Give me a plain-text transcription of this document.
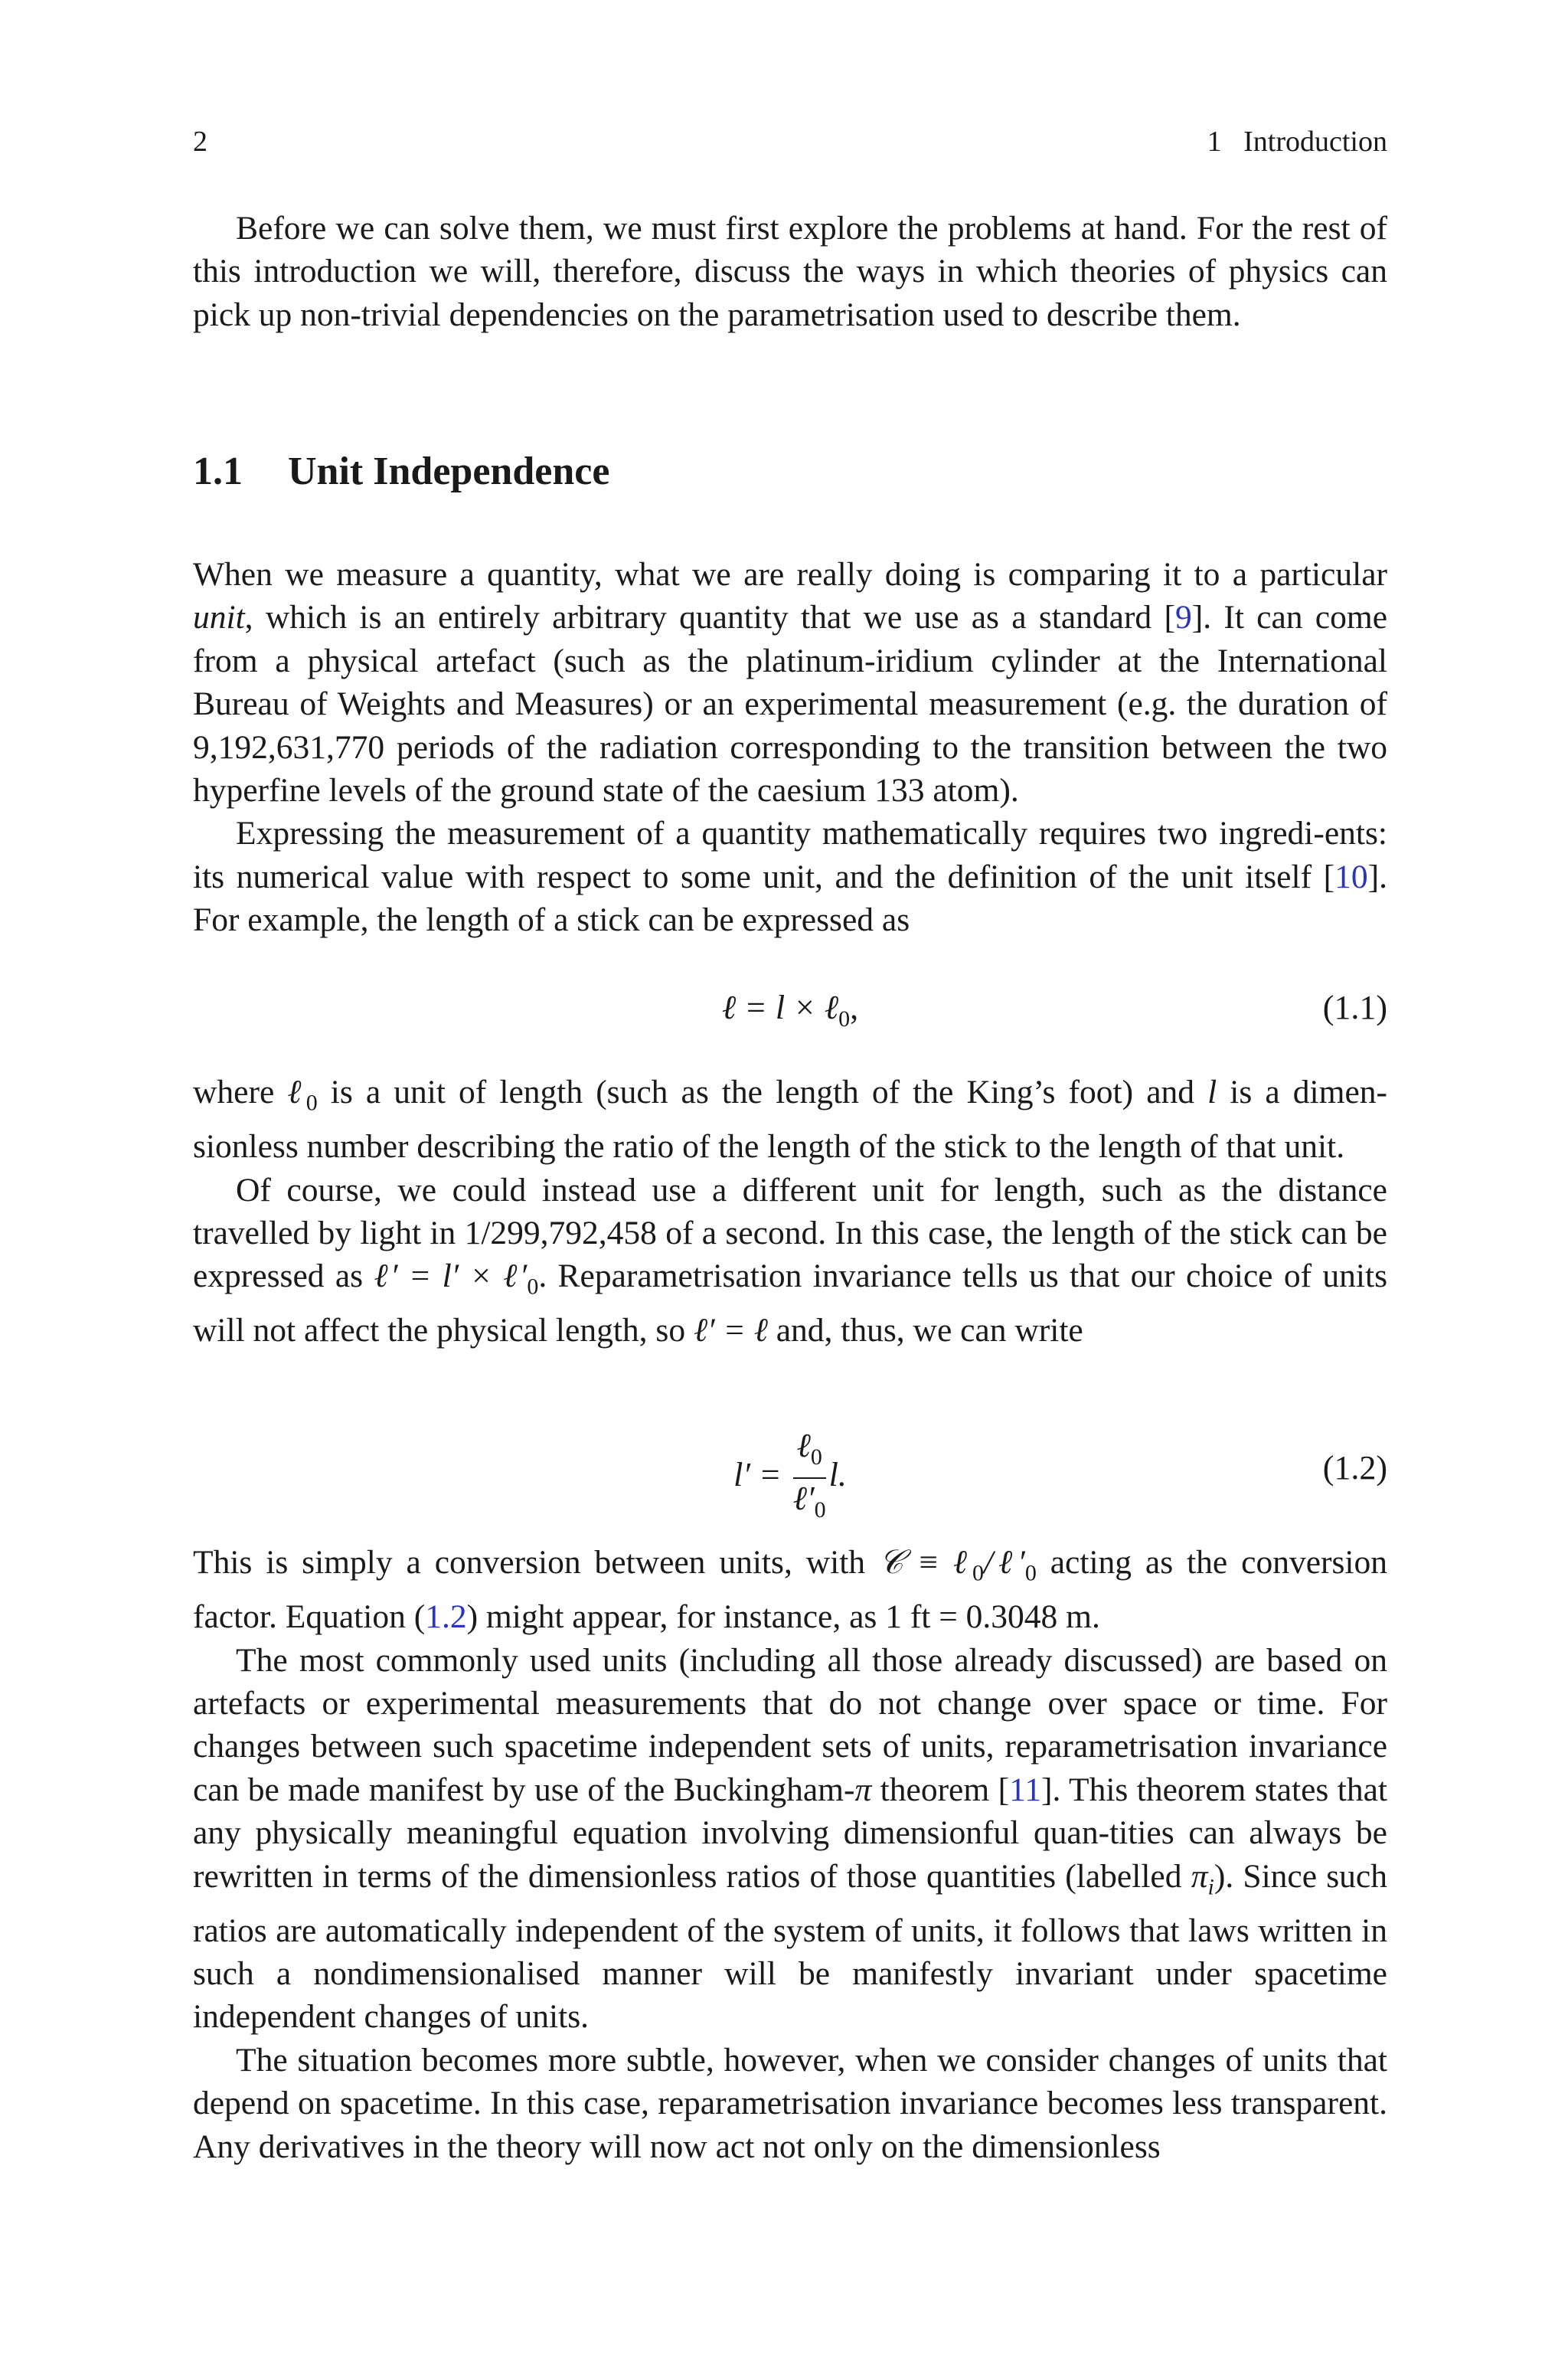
2	1   Introduction

Before we can solve them, we must first explore the problems at hand. For the rest of this introduction we will, therefore, discuss the ways in which theories of physics can pick up non-trivial dependencies on the parametrisation used to describe them.

1.1 Unit Independence

When we measure a quantity, what we are really doing is comparing it to a particular unit, which is an entirely arbitrary quantity that we use as a standard [9]. It can come from a physical artefact (such as the platinum-iridium cylinder at the International Bureau of Weights and Measures) or an experimental measurement (e.g. the duration of 9,192,631,770 periods of the radiation corresponding to the transition between the two hyperfine levels of the ground state of the caesium 133 atom).

Expressing the measurement of a quantity mathematically requires two ingredi-ents: its numerical value with respect to some unit, and the definition of the unit itself [10]. For example, the length of a stick can be expressed as

ℓ = l × ℓ$_0$,	(1.1)

where ℓ$_0$ is a unit of length (such as the length of the King’s foot) and l is a dimen-sionless number describing the ratio of the length of the stick to the length of that unit.

Of course, we could instead use a different unit for length, such as the distance travelled by light in 1/299,792,458 of a second. In this case, the length of the stick can be expressed as ℓ′ = $l' \times \ell'_0$. Reparametrisation invariance tells us that our choice of units will not affect the physical length, so ℓ′ = ℓ and, thus, we can write

$l' = \frac{\ell_0}{\ell'_0} l$.	(1.2)

This is simply a conversion between units, with 𝒞 ≡ $\ell_0/\ell'_0$ acting as the conversion factor. Equation (1.2) might appear, for instance, as 1 ft = 0.3048 m.

The most commonly used units (including all those already discussed) are based on artefacts or experimental measurements that do not change over space or time. For changes between such spacetime independent sets of units, reparametrisation invariance can be made manifest by use of the Buckingham-π theorem [11]. This theorem states that any physically meaningful equation involving dimensionful quan-tities can always be rewritten in terms of the dimensionless ratios of those quantities (labelled $\pi_i$). Since such ratios are automatically independent of the system of units, it follows that laws written in such a nondimensionalised manner will be manifestly invariant under spacetime independent changes of units.

The situation becomes more subtle, however, when we consider changes of units that depend on spacetime. In this case, reparametrisation invariance becomes less transparent. Any derivatives in the theory will now act not only on the dimensionless
